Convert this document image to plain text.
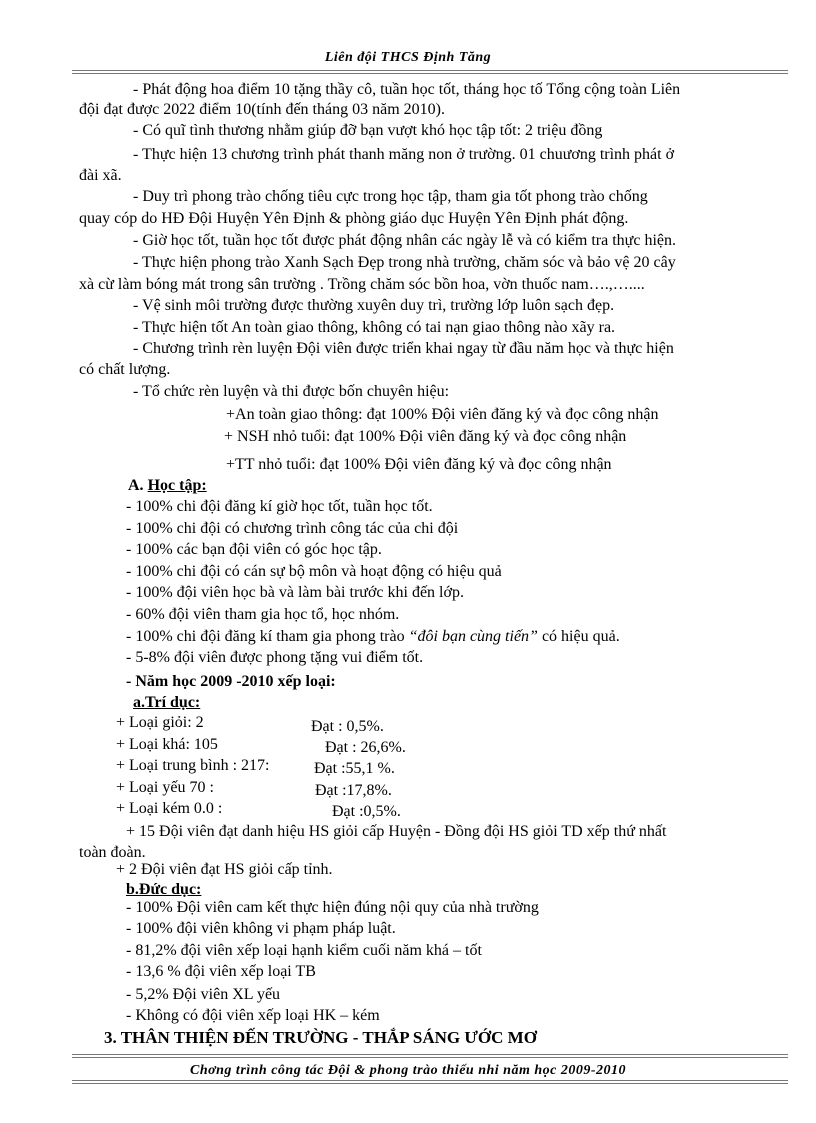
Liên đội THCS Định Tăng
- Phát động hoa điểm 10 tặng thầy cô, tuần học tốt, tháng học tố Tổng cộng toàn Liên
đội đạt được 2022 điểm 10(tính đến tháng 03 năm 2010).
- Có quĩ tình thương nhằm giúp đỡ bạn vượt khó học tập tốt: 2 triệu đồng
- Thực hiện 13 chương trình phát thanh măng non ở trường. 01 chuương trình phát ở
đài xã.
- Duy trì phong trào chống tiêu cực trong học tập, tham gia tốt phong trào chống
quay cóp do HĐ Đội Huyện Yên Định & phòng giáo dục Huyện Yên Định phát động.
- Giờ học tốt, tuần học tốt được phát động nhân các ngày lễ và có kiểm tra thực hiện.
- Thực hiện phong trào Xanh Sạch Đẹp trong nhà trường, chăm sóc và bảo vệ 20 cây
xà cừ làm bóng mát trong sân trường . Trồng chăm sóc bồn hoa, vờn thuốc nam….,…....
- Vệ sinh môi trường được thường xuyên duy trì, trường lớp luôn sạch đẹp.
- Thực hiện tốt An toàn giao thông, không có tai nạn giao thông nào xãy ra.
- Chương trình rèn luyện Đội viên được triển khai ngay từ đầu năm học và thực hiện
có chất lượng.
- Tổ chức rèn luyện và thi được bốn chuyên hiệu:
+An toàn giao thông: đạt 100% Đội viên đăng ký và đọc công nhận
+ NSH nhỏ tuổi: đạt 100% Đội viên đăng ký và đọc công nhận
+TT nhỏ tuổi: đạt 100% Đội viên đăng ký và đọc công nhận
A. Học tập:
- 100% chi đội đăng kí giờ học tốt, tuần học tốt.
- 100% chi đội có chương trình công tác của chi đội
- 100% các bạn đội viên có góc học tập.
- 100% chi đội có cán sự bộ môn và hoạt động có hiệu quả
- 100% đội viên học bà và làm bài trước khi đến lớp.
- 60% đội viên tham gia học tổ, học nhóm.
- 100% chi đội đăng kí tham gia phong trào “đôi bạn cùng tiến” có hiệu quả.
- 5-8% đội viên được phong tặng vui điểm tốt.
- Năm học 2009 -2010 xếp loại:
a.Trí dục:
+ Loại giỏi: 2	Đạt : 0,5%.
+ Loại khá: 105	Đạt : 26,6%.
+ Loại trung bình : 217:	Đạt :55,1 %.
+ Loại yếu 70 :	Đạt :17,8%.
+ Loại kém 0.0 :	Đạt :0,5%.
+ 15 Đội viên đạt danh hiệu HS giỏi cấp Huyện - Đồng đội HS giỏi TD xếp thứ nhất
toàn đoàn.
+ 2 Đội viên đạt HS giỏi cấp tỉnh.
b.Đức dục:
- 100% Đội viên cam kết thực hiện đúng nội quy của nhà trường
- 100% đội viên không vi phạm pháp luật.
- 81,2% đội viên xếp loại hạnh kiểm cuối năm khá – tốt
- 13,6 % đội viên xếp loại TB
- 5,2% Đội viên XL yếu
- Không có đội viên xếp loại HK – kém
3. THÂN THIỆN ĐẾN TRƯỜNG - THẮP SÁNG ƯỚC MƠ
Chơng trình công tác Đội & phong trào thiếu nhi năm học 2009-2010
